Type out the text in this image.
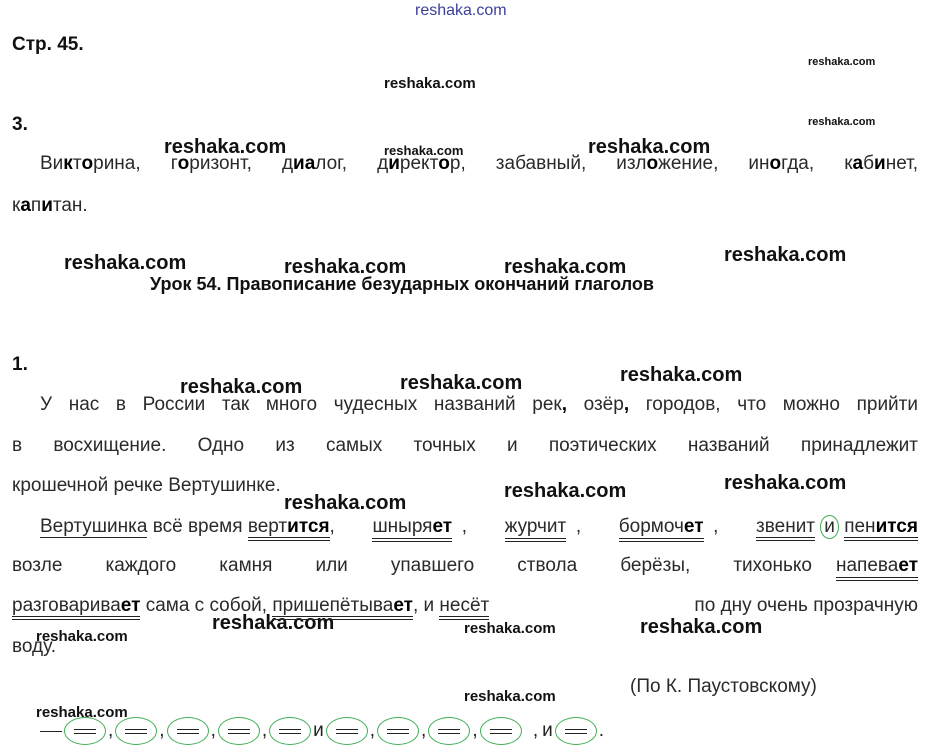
reshaka.com
reshaka.com
reshaka.com
reshaka.com
reshaka.com	reshaka.com	reshaka.com
reshaka.com
reshaka.com	reshaka.com	reshaka.com
reshaka.com
reshaka.com
reshaka.com
reshaka.com
reshaka.com
reshaka.com
reshaka.com	reshaka.com
reshaka.com
reshaka.com
reshaka.com
reshaka.com
Стр. 45.
3.
Викторина, горизонт, диалог, директор, забавный, изложение, иногда, кабинет,
капитан.
Урок 54. Правописание безударных окончаний глаголов
1.
У нас в России так много чудесных названий рек, озёр, городов, что можно прийти
в восхищение. Одно из самых точных и поэтических названий принадлежит
крошечной речке Вертушинке.
Вертушинка всё время вертится, шныряет , журчит , бормочет , звенит и пенится
возле каждого камня или упавшего ствола берёзы, тихонько напевает
разговаривает сама с собой, пришепётывает, и несёт	по дну очень прозрачную
воду.
(По К. Паустовскому)
, , , , и , , ,
	, и .
